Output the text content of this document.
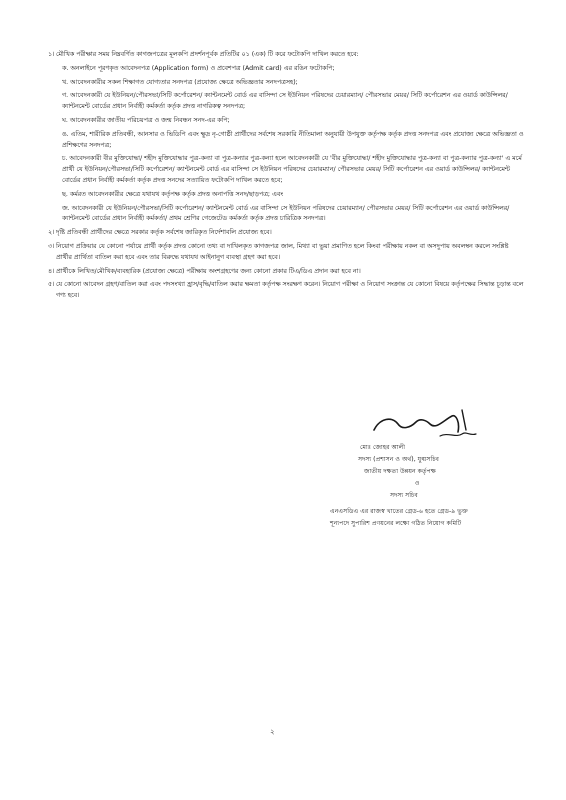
১। মৌখিক পরীক্ষার সময় নিম্নবর্ণিত কাগজপত্রের মূলকপি প্রদর্শনপূর্বক প্রতিটির ০১ (এক) টি করে ফটোকপি দাখিল করতে হবে:
ক. অনলাইনে পূরণকৃত আবেদনপত্র (Application form) ও প্রবেশপত্র (Admit card) এর রঙিন ফটোকপি;
খ. আবেদনকারীর সকল শিক্ষাগত যোগ্যতার সনদপত্র (প্রযোজ্য ক্ষেত্রে অভিজ্ঞতার সনদপত্রসহ);
গ. আবেদনকারী যে ইউনিয়ন/পৌরসভা/সিটি কর্পোরেশন/ ক্যান্টনমেন্ট বোর্ড এর বাসিন্দা সে ইউনিয়ন পরিষদের চেয়ারম্যান/ পৌরসভার মেয়র/ সিটি কর্পোরেশন এর ওয়ার্ড কাউন্সিলর/ ক্যান্টনমেন্ট বোর্ডের প্রধান নির্বাহী কর্মকর্তা কর্তৃক প্রদত্ত নাগরিকত্ব সনদপত্র;
ঘ. আবেদনকারীর জাতীয় পরিচয়পত্র ও জন্ম নিবন্ধন সনদ-এর কপি;
ঙ. এতিম, শারীরিক প্রতিবন্ধী, আনসার ও ভিডিপি এবং ক্ষুদ্র নৃ-গোষ্ঠী প্রার্থীদের সর্বশেষ সরকারি নীতিমালা অনুযায়ী উপযুক্ত কর্তৃপক্ষ কর্তৃক প্রদত্ত সনদপত্র এবং প্রযোজ্য ক্ষেত্রে অভিজ্ঞতা ও প্রশিক্ষণের সনদপত্র;
চ. আবেদনকারী বীর মুক্তিযোদ্ধা/ শহীদ মুক্তিযোদ্ধার পুত্র-কন্যা বা পুত্র-কন্যার পুত্র-কন্যা হলে আবেদনকারী যে 'বীর মুক্তিযোদ্ধা/ শহীদ মুক্তিযোদ্ধার পুত্র-কন্যা বা পুত্র-কন্যার পুত্র-কন্যা' এ মর্মে প্রার্থী যে ইউনিয়ন/পৌরসভা/সিটি কর্পোরেশন/ ক্যান্টনমেন্ট বোর্ড এর বাসিন্দা সে ইউনিয়ন পরিষদের চেয়ারম্যান/ পৌরসভার মেয়র/ সিটি কর্পোরেশন এর ওয়ার্ড কাউন্সিলর/ ক্যান্টনমেন্ট বোর্ডের প্রধান নির্বাহী কর্মকর্তা কর্তৃক প্রদত্ত সনদের সত্যায়িত ফটোকপি দাখিল করতে হবে;
ছ. কর্মরত আবেদনকারীর ক্ষেত্রে যথাযথ কর্তৃপক্ষ কর্তৃক প্রদত্ত অনাপত্তি সনদ/ছাড়পত্র; এবং
জ. আবেদনকারী যে ইউনিয়ন/পৌরসভা/সিটি কর্পোরেশন/ ক্যান্টনমেন্ট বোর্ড এর বাসিন্দা সে ইউনিয়ন পরিষদের চেয়ারম্যান/ পৌরসভার মেয়র/ সিটি কর্পোরেশন এর ওয়ার্ড কাউন্সিলর/ ক্যান্টনমেন্ট বোর্ডের প্রধান নির্বাহী কর্মকর্তা/ প্রথম শ্রেণির গেজেটেড কর্মকর্তা কর্তৃক প্রদত্ত চারিত্রিক সনদপত্র।
২। দৃষ্টি প্রতিবন্ধী প্রার্থীদের ক্ষেত্রে সরকার কর্তৃক সর্বশেষ জারিকৃত নির্দেশাবলি প্রযোজ্য হবে।
৩। নিয়োগ প্রক্রিয়ার যে কোনো পর্যায়ে প্রার্থী কর্তৃক প্রদত্ত কোনো তথ্য বা দাখিলকৃত কাগজপত্র জাল, মিথ্যা বা ভুয়া প্রমাণিত হলে কিংবা পরীক্ষায় নকল বা অসদুপায় অবলম্বন করলে সংশ্লিষ্ট প্রার্থীর প্রার্থিতা বাতিল করা হবে এবং তার বিরুদ্ধে যথাযথ আইনানুগ ব্যবস্থা গ্রহণ করা হবে।
৪। প্রার্থীকে লিখিত/মৌখিক/ব্যবহারিক (প্রযোজ্য ক্ষেত্রে) পরীক্ষায় অংশগ্রহণের জন্য কোনো প্রকার টিএ/ডিএ প্রদান করা হবে না।
৫। যে কোনো আবেদন গ্রহণ/বাতিল করা এবং পদসংখ্যা হ্রাস/বৃদ্ধি/বাতিল করার ক্ষমতা কর্তৃপক্ষ সংরক্ষণ করেন। নিয়োগ পরীক্ষা ও নিয়োগ সংক্রান্ত যে কোনো বিষয়ে কর্তৃপক্ষের সিদ্ধান্ত চূড়ান্ত বলে গণ্য হবে।
মোঃ জোহর আলী
সদস্য (প্রশাসন ও অর্থ), যুগ্মসচিব
জাতীয় দক্ষতা উন্নয়ন কর্তৃপক্ষ
ও
সদস্য সচিব
এনএসডিএ এর রাজস্ব খাতের গ্রেড-৬ হতে গ্রেড-৯ ভুক্ত
শূন্যপদে সুপারিশ প্রণয়নের লক্ষ্যে গঠিত নিয়োগ কমিটি
২
